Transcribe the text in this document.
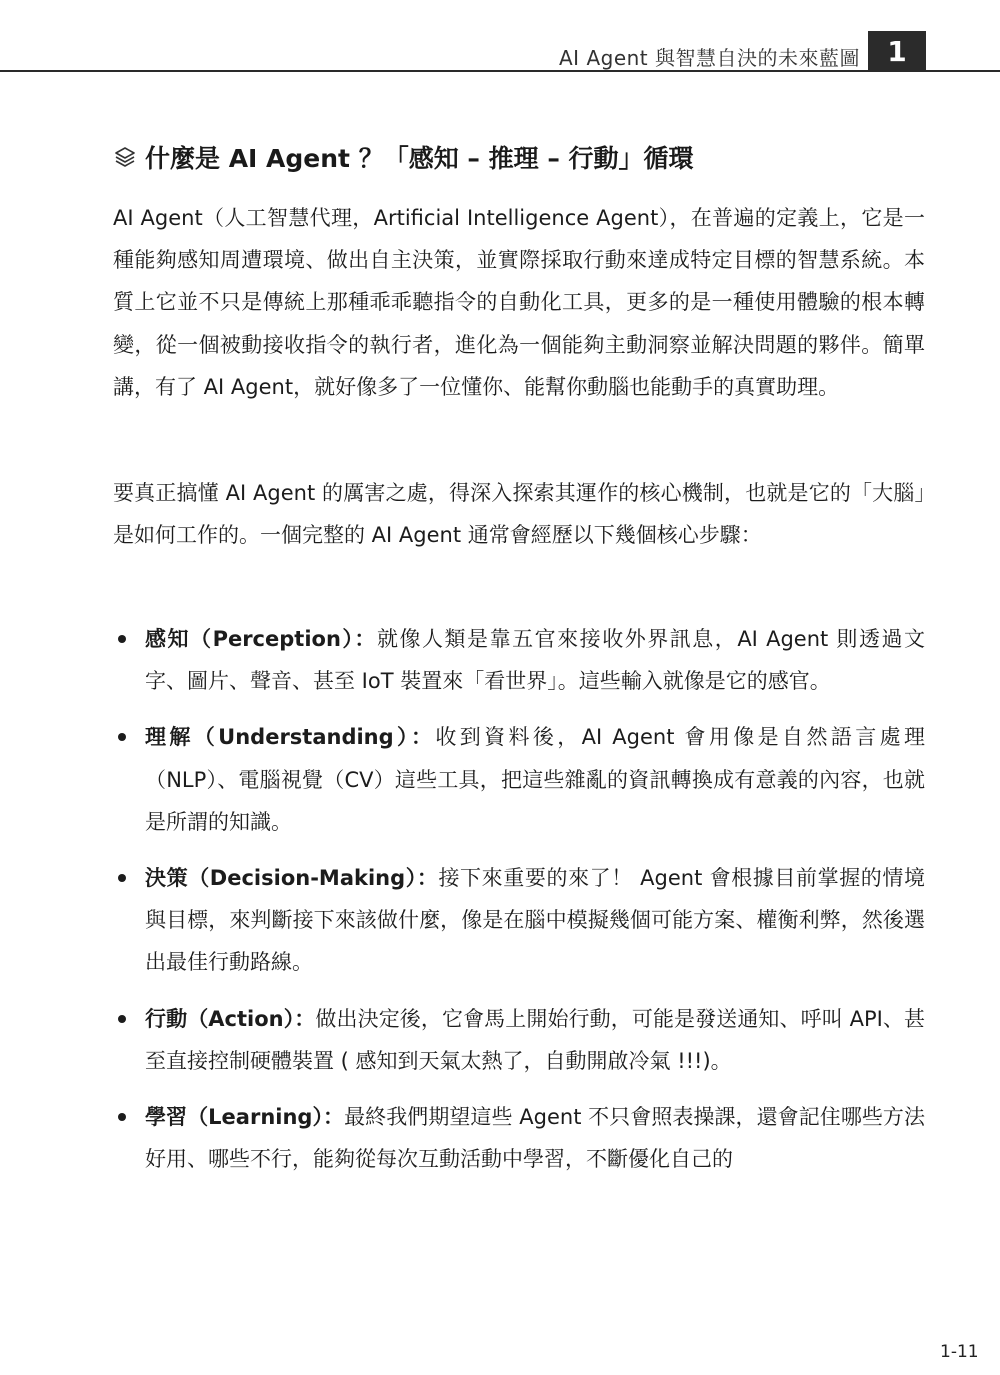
AI Agent 與智慧自決的未來藍圖 1
什麼是 AI Agent ？「感知 – 推理 – 行動」循環

AI Agent（人工智慧代理，Artificial Intelligence Agent），在普遍的定義上，它是一種能夠感知周遭環境、做出自主決策，並實際採取行動來達成特定目標的智慧系統。本質上它並不只是傳統上那種乖乖聽指令的自動化工具，更多的是一種使用體驗的根本轉變，從一個被動接收指令的執行者，進化為一個能夠主動洞察並解決問題的夥伴。簡單講，有了 AI Agent，就好像多了一位懂你、能幫你動腦也能動手的真實助理。

要真正搞懂 AI Agent 的厲害之處，得深入探索其運作的核心機制，也就是它的「大腦」是如何工作的。一個完整的 AI Agent 通常會經歷以下幾個核心步驟：

感知（Perception）：就像人類是靠五官來接收外界訊息，AI Agent 則透過文字、圖片、聲音、甚至 IoT 裝置來「看世界」。這些輸入就像是它的感官。
理解（Understanding）：收到資料後，AI Agent 會用像是自然語言處理（NLP）、電腦視覺（CV）這些工具，把這些雜亂的資訊轉換成有意義的內容，也就是所謂的知識。
決策（Decision-Making）：接下來重要的來了！ Agent 會根據目前掌握的情境與目標，來判斷接下來該做什麼，像是在腦中模擬幾個可能方案、權衡利弊，然後選出最佳行動路線。
行動（Action）：做出決定後，它會馬上開始行動，可能是發送通知、呼叫 API、甚至直接控制硬體裝置 ( 感知到天氣太熱了，自動開啟冷氣 !!!)。
學習（Learning）：最終我們期望這些 Agent 不只會照表操課，還會記住哪些方法好用、哪些不行，能夠從每次互動活動中學習，不斷優化自己的
1-11
